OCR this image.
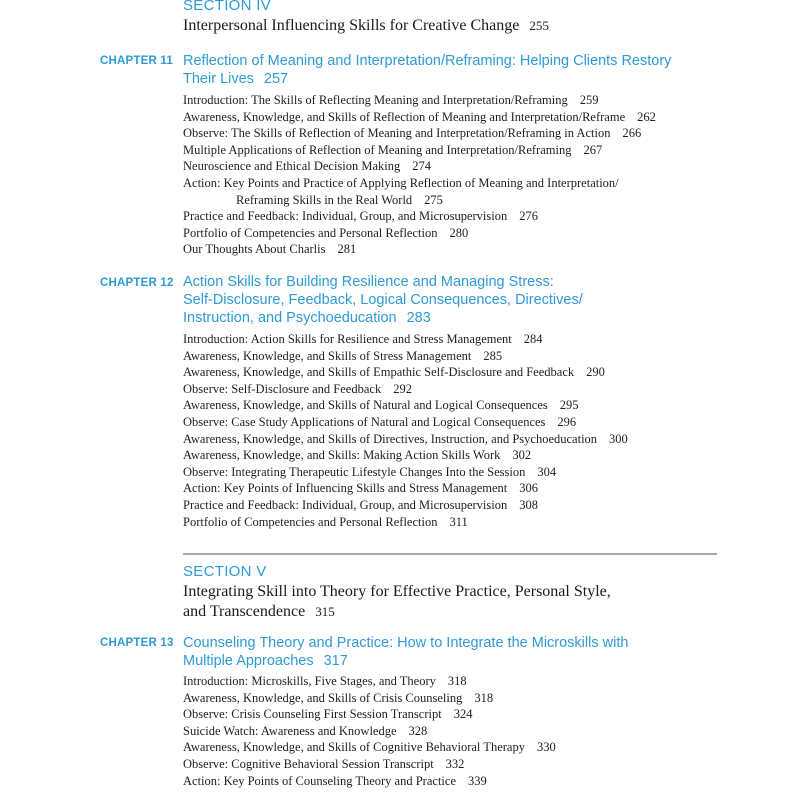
SECTION IV
Interpersonal Influencing Skills for Creative Change 255
CHAPTER 11 Reflection of Meaning and Interpretation/Reframing: Helping Clients Restory
Their Lives 257
Introduction: The Skills of Reflecting Meaning and Interpretation/Reframing 259
Awareness, Knowledge, and Skills of Reflection of Meaning and Interpretation/Reframe 262
Observe: The Skills of Reflection of Meaning and Interpretation/Reframing in Action 266
Multiple Applications of Reflection of Meaning and Interpretation/Reframing 267
Neuroscience and Ethical Decision Making 274
Action: Key Points and Practice of Applying Reflection of Meaning and Interpretation/
Reframing Skills in the Real World 275
Practice and Feedback: Individual, Group, and Microsupervision 276
Portfolio of Competencies and Personal Reflection 280
Our Thoughts About Charlis 281
CHAPTER 12 Action Skills for Building Resilience and Managing Stress:
Self-Disclosure, Feedback, Logical Consequences, Directives/
Instruction, and Psychoeducation 283
Introduction: Action Skills for Resilience and Stress Management 284
Awareness, Knowledge, and Skills of Stress Management 285
Awareness, Knowledge, and Skills of Empathic Self-Disclosure and Feedback 290
Observe: Self-Disclosure and Feedback 292
Awareness, Knowledge, and Skills of Natural and Logical Consequences 295
Observe: Case Study Applications of Natural and Logical Consequences 296
Awareness, Knowledge, and Skills of Directives, Instruction, and Psychoeducation 300
Awareness, Knowledge, and Skills: Making Action Skills Work 302
Observe: Integrating Therapeutic Lifestyle Changes Into the Session 304
Action: Key Points of Influencing Skills and Stress Management 306
Practice and Feedback: Individual, Group, and Microsupervision 308
Portfolio of Competencies and Personal Reflection 311
SECTION V
Integrating Skill into Theory for Effective Practice, Personal Style,
and Transcendence 315
CHAPTER 13 Counseling Theory and Practice: How to Integrate the Microskills with
Multiple Approaches 317
Introduction: Microskills, Five Stages, and Theory 318
Awareness, Knowledge, and Skills of Crisis Counseling 318
Observe: Crisis Counseling First Session Transcript 324
Suicide Watch: Awareness and Knowledge 328
Awareness, Knowledge, and Skills of Cognitive Behavioral Therapy 330
Observe: Cognitive Behavioral Session Transcript 332
Action: Key Points of Counseling Theory and Practice 339
